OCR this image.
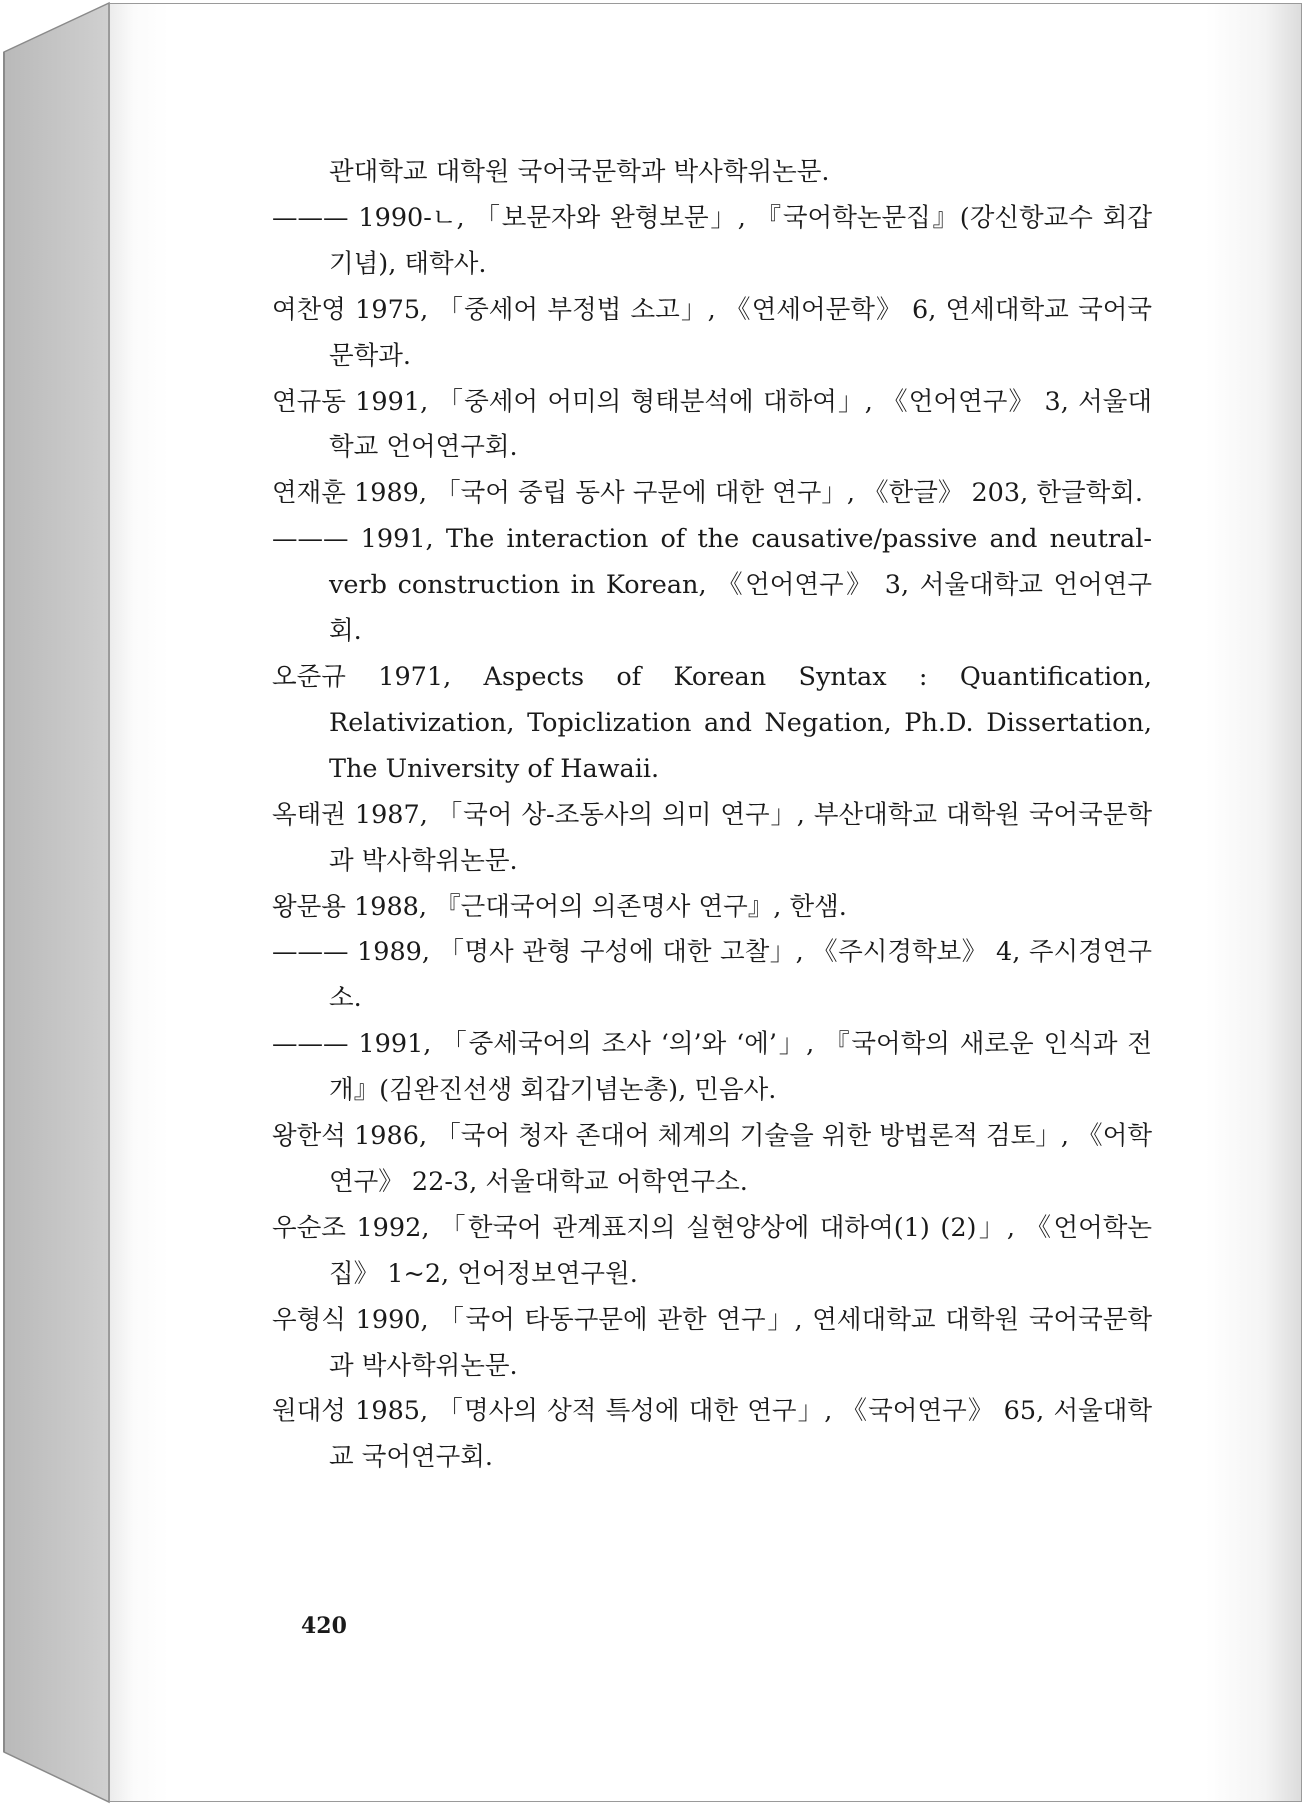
관대학교 대학원 국어국문학과 박사학위논문.

——— 1990-ㄴ, 「보문자와 완형보문」, 『국어학논문집』(강신항교수 회갑기념), 태학사.

여찬영 1975, 「중세어 부정법 소고」, 《연세어문학》 6, 연세대학교 국어국문학과.

연규동 1991, 「중세어 어미의 형태분석에 대하여」, 《언어연구》 3, 서울대학교 언어연구회.

연재훈 1989, 「국어 중립 동사 구문에 대한 연구」, 《한글》 203, 한글학회.

——— 1991, The interaction of the causative/passive and neutral-verb construction in Korean, 《언어연구》 3, 서울대학교 언어연구회.

오준규 1971, Aspects of Korean Syntax : Quantification, Relativization, Topiclization and Negation, Ph.D. Dissertation, The University of Hawaii.

옥태권 1987, 「국어 상-조동사의 의미 연구」, 부산대학교 대학원 국어국문학과 박사학위논문.

왕문용 1988, 『근대국어의 의존명사 연구』, 한샘.

——— 1989, 「명사 관형 구성에 대한 고찰」, 《주시경학보》 4, 주시경연구소.

——— 1991, 「중세국어의 조사 ‘의’와 ‘에’」, 『국어학의 새로운 인식과 전개』(김완진선생 회갑기념논총), 민음사.

왕한석 1986, 「국어 청자 존대어 체계의 기술을 위한 방법론적 검토」, 《어학연구》 22-3, 서울대학교 어학연구소.

우순조 1992, 「한국어 관계표지의 실현양상에 대하여(1) (2)」, 《언어학논집》 1~2, 언어정보연구원.

우형식 1990, 「국어 타동구문에 관한 연구」, 연세대학교 대학원 국어국문학과 박사학위논문.

원대성 1985, 「명사의 상적 특성에 대한 연구」, 《국어연구》 65, 서울대학교 국어연구회.

420
